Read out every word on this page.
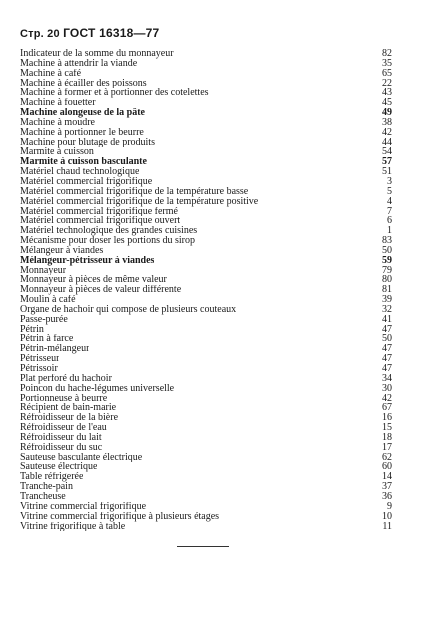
Стр. 20 ГОСТ 16318—77
Indicateur de la somme du monnayeur	82
Machine à attendrir la viande	35
Machine à café	65
Machine à écailler des poissons	22
Machine à former et à portionner des cotelettes	43
Machine à fouetter	45
Machine alongeuse de la pâte	49
Machine à moudre	38
Machine à portionner le beurre	42
Machine pour blutage de produits	44
Marmite à cuisson	54
Marmite à cuisson basculante	57
Matériel chaud technologique	51
Matériel commercial frigorifique	3
Matériel commercial frigorifique de la température basse	5
Matériel commercial frigorifique de la température positive	4
Matériel commercial frigorifique fermé	7
Matériel commercial frigorifique ouvert	6
Matériel technologique des grandes cuisines	1
Mécanisme pour doser les portions du sirop	83
Mélangeur à viandes	50
Mélangeur-pétrisseur à viandes	59
Monnayeur	79
Monnayeur à pièces de même valeur	80
Monnayeur à pièces de valeur différente	81
Moulin à café	39
Organe de hachoir qui compose de plusieurs couteaux	32
Passe-purée	41
Pétrin	47
Pétrin à farce	50
Pétrin-mélangeur	47
Pétrisseur	47
Pétrissoir	47
Plat perforé du hachoir	34
Poincon du hache-légumes universelle	30
Portionneuse à beurre	42
Récipient de bain-marie	67
Réfroidisseur de la bière	16
Réfroidisseur de l'eau	15
Réfroidisseur du lait	18
Réfroidisseur du suc	17
Sauteuse basculante électrique	62
Sauteuse électrique	60
Table réfrigerée	14
Tranche-pain	37
Trancheuse	36
Vitrine commercial frigorifique	9
Vitrine commercial frigorifique à plusieurs étages	10
Vitrine frigorifique à table	11
